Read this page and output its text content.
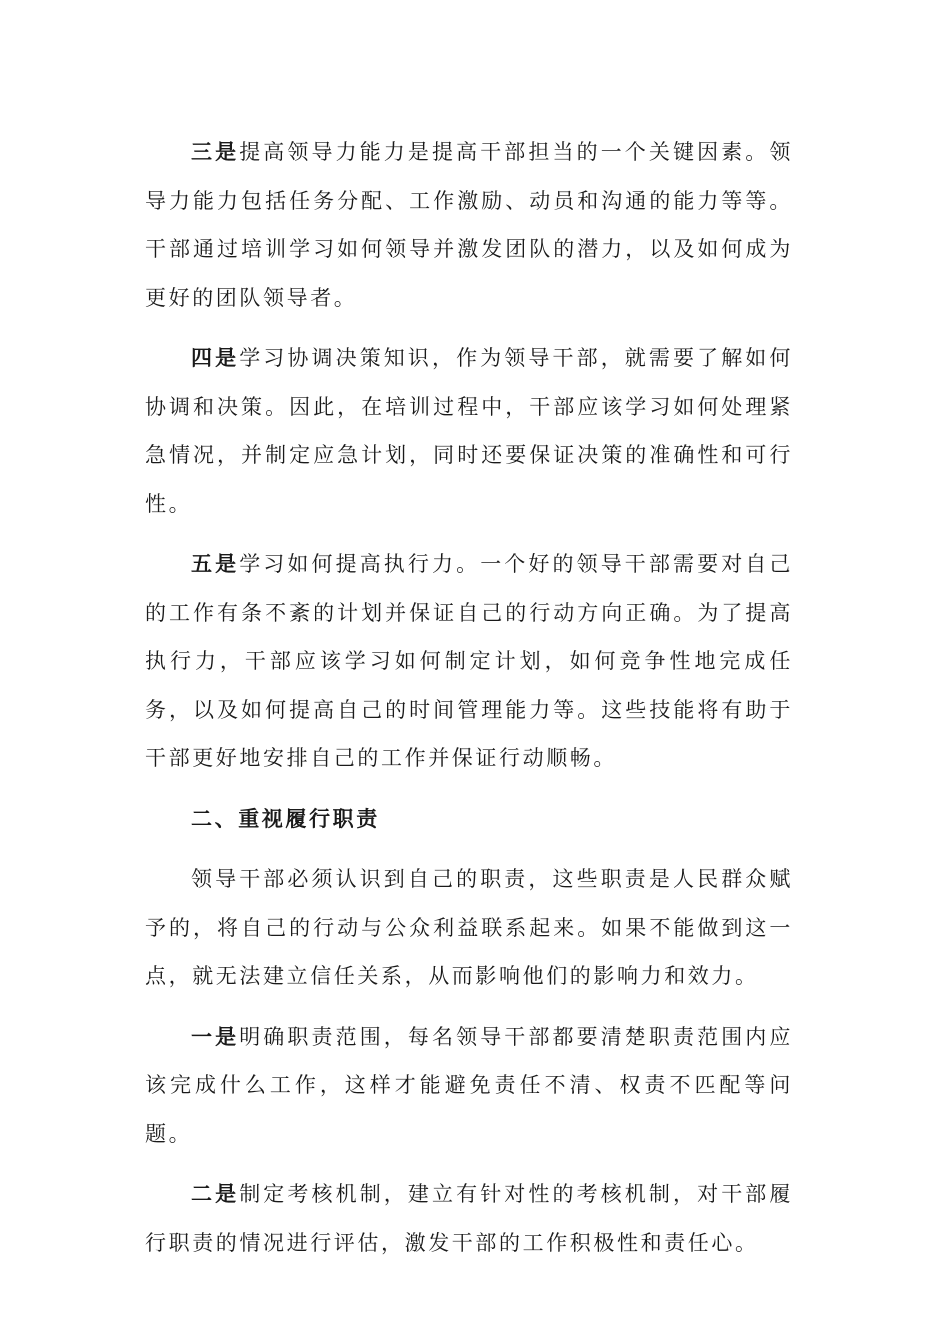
三是提高领导力能力是提高干部担当的一个关键因素。领导力能力包括任务分配、工作激励、动员和沟通的能力等等。干部通过培训学习如何领导并激发团队的潜力，以及如何成为更好的团队领导者。

四是学习协调决策知识，作为领导干部，就需要了解如何协调和决策。因此，在培训过程中，干部应该学习如何处理紧急情况，并制定应急计划，同时还要保证决策的准确性和可行性。

五是学习如何提高执行力。一个好的领导干部需要对自己的工作有条不紊的计划并保证自己的行动方向正确。为了提高执行力，干部应该学习如何制定计划，如何竞争性地完成任务，以及如何提高自己的时间管理能力等。这些技能将有助于干部更好地安排自己的工作并保证行动顺畅。

二、重视履行职责

领导干部必须认识到自己的职责，这些职责是人民群众赋予的，将自己的行动与公众利益联系起来。如果不能做到这一点，就无法建立信任关系，从而影响他们的影响力和效力。

一是明确职责范围，每名领导干部都要清楚职责范围内应该完成什么工作，这样才能避免责任不清、权责不匹配等问题。

二是制定考核机制，建立有针对性的考核机制，对干部履行职责的情况进行评估，激发干部的工作积极性和责任心。
